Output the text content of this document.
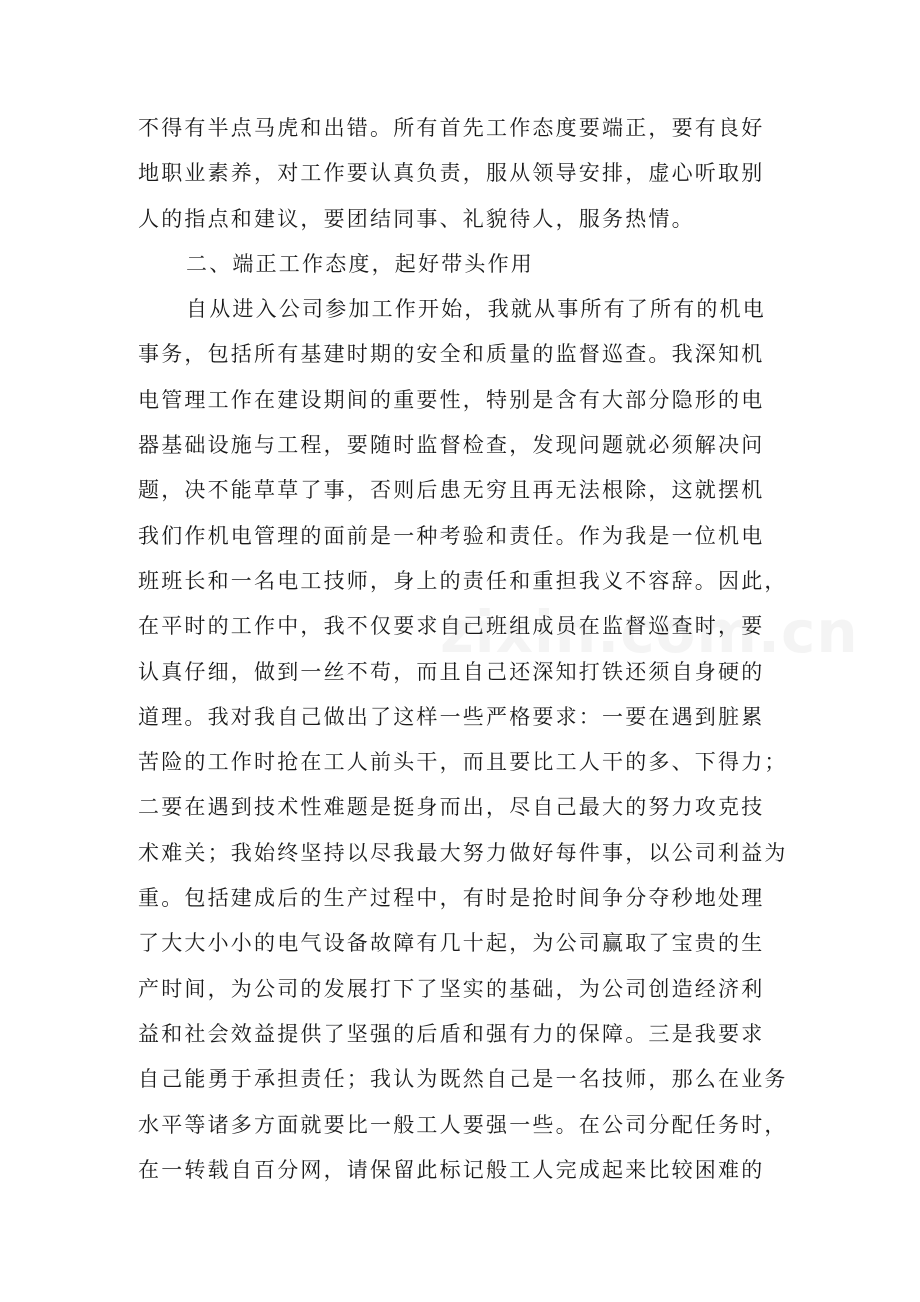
不得有半点马虎和出错。所有首先工作态度要端正，要有良好
地职业素养，对工作要认真负责，服从领导安排，虚心听取别
人的指点和建议，要团结同事、礼貌待人，服务热情。
二、端正工作态度，起好带头作用
自从进入公司参加工作开始，我就从事所有了所有的机电
事务，包括所有基建时期的安全和质量的监督巡查。我深知机
电管理工作在建设期间的重要性，特别是含有大部分隐形的电
器基础设施与工程，要随时监督检查，发现问题就必须解决问
题，决不能草草了事，否则后患无穷且再无法根除，这就摆机
我们作机电管理的面前是一种考验和责任。作为我是一位机电
班班长和一名电工技师，身上的责任和重担我义不容辞。因此，
在平时的工作中，我不仅要求自己班组成员在监督巡查时，要
认真仔细，做到一丝不苟，而且自己还深知打铁还须自身硬的
道理。我对我自己做出了这样一些严格要求：一要在遇到脏累
苦险的工作时抢在工人前头干，而且要比工人干的多、下得力；
二要在遇到技术性难题是挺身而出，尽自己最大的努力攻克技
术难关；我始终坚持以尽我最大努力做好每件事，以公司利益为
重。包括建成后的生产过程中，有时是抢时间争分夺秒地处理
了大大小小的电气设备故障有几十起，为公司赢取了宝贵的生
产时间，为公司的发展打下了坚实的基础，为公司创造经济利
益和社会效益提供了坚强的后盾和强有力的保障。三是我要求
自己能勇于承担责任；我认为既然自己是一名技师，那么在业务
水平等诸多方面就要比一般工人要强一些。在公司分配任务时，
在一转载自百分网，请保留此标记般工人完成起来比较困难的
